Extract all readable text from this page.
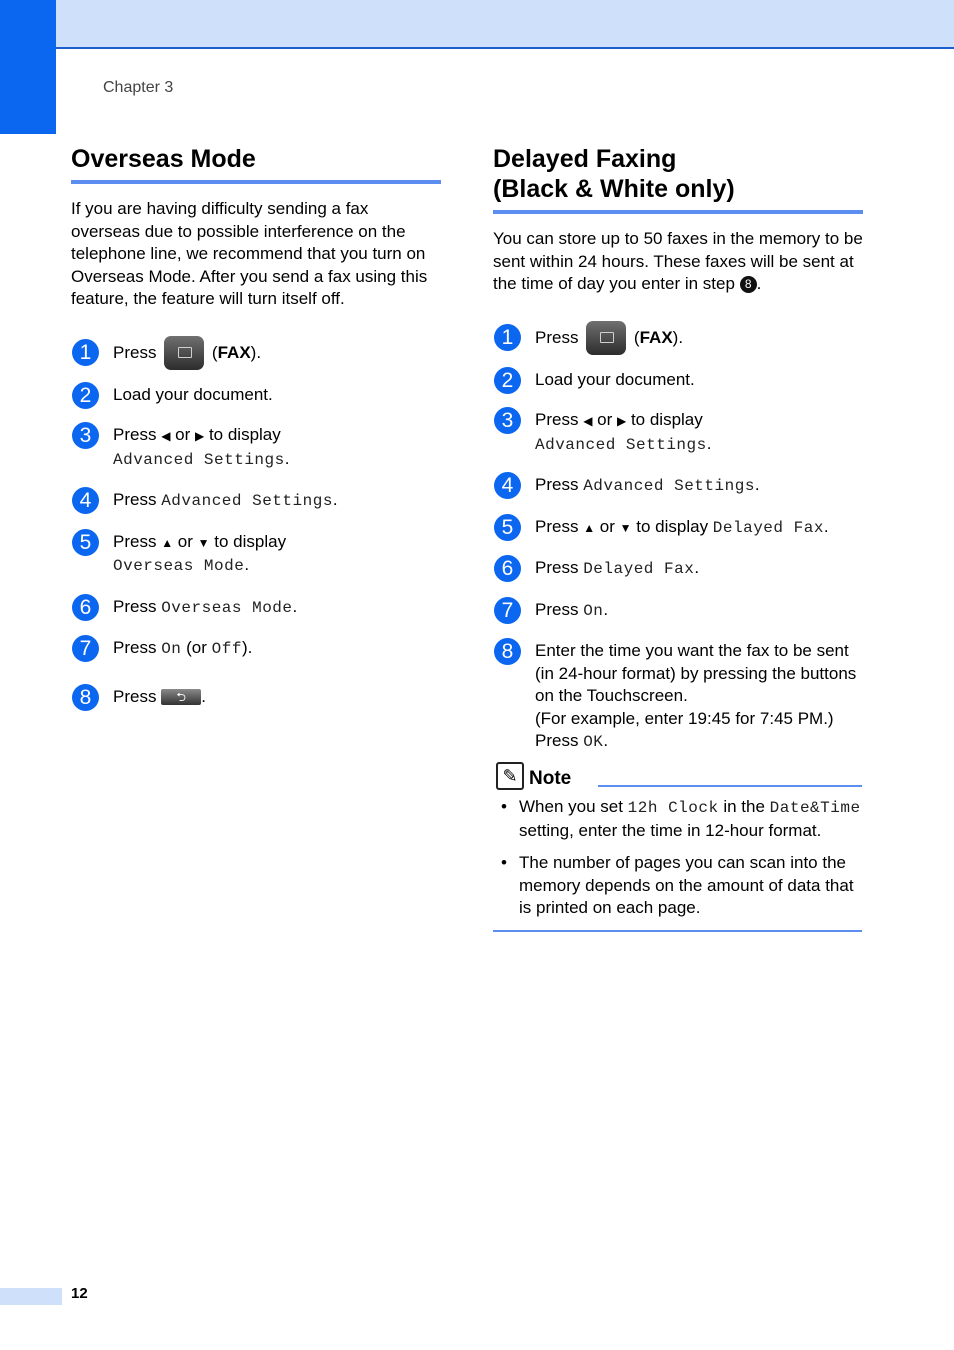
Chapter 3
Overseas Mode

If you are having difficulty sending a fax overseas due to possible interference on the telephone line, we recommend that you turn on Overseas Mode. After you send a fax using this feature, the feature will turn itself off.

1	Press	(FAX).
2	Load your document.
3	Press ◀ or ▶ to display
Advanced Settings.
4	Press Advanced Settings.
5	Press ▲ or ▼ to display
Overseas Mode.
6	Press Overseas Mode.
7	Press On (or Off).
8	Press ⮌ .
Delayed Faxing
(Black & White only)

You can store up to 50 faxes in the memory to be sent within 24 hours. These faxes will be sent at the time of day you enter in step 8 .

1	Press	(FAX).
2	Load your document.
3	Press ◀ or ▶ to display
Advanced Settings.
4	Press Advanced Settings.
5	Press ▲ or ▼ to display Delayed Fax.
6	Press Delayed Fax.
7	Press On.
8	Enter the time you want the fax to be sent (in 24-hour format) by pressing the buttons on the Touchscreen.
(For example, enter 19:45 for 7:45 PM.)
Press OK.
✎ Note
• When you set 12h Clock in the Date&Time setting, enter the time in 12-hour format.
• The number of pages you can scan into the memory depends on the amount of data that is printed on each page.
12
